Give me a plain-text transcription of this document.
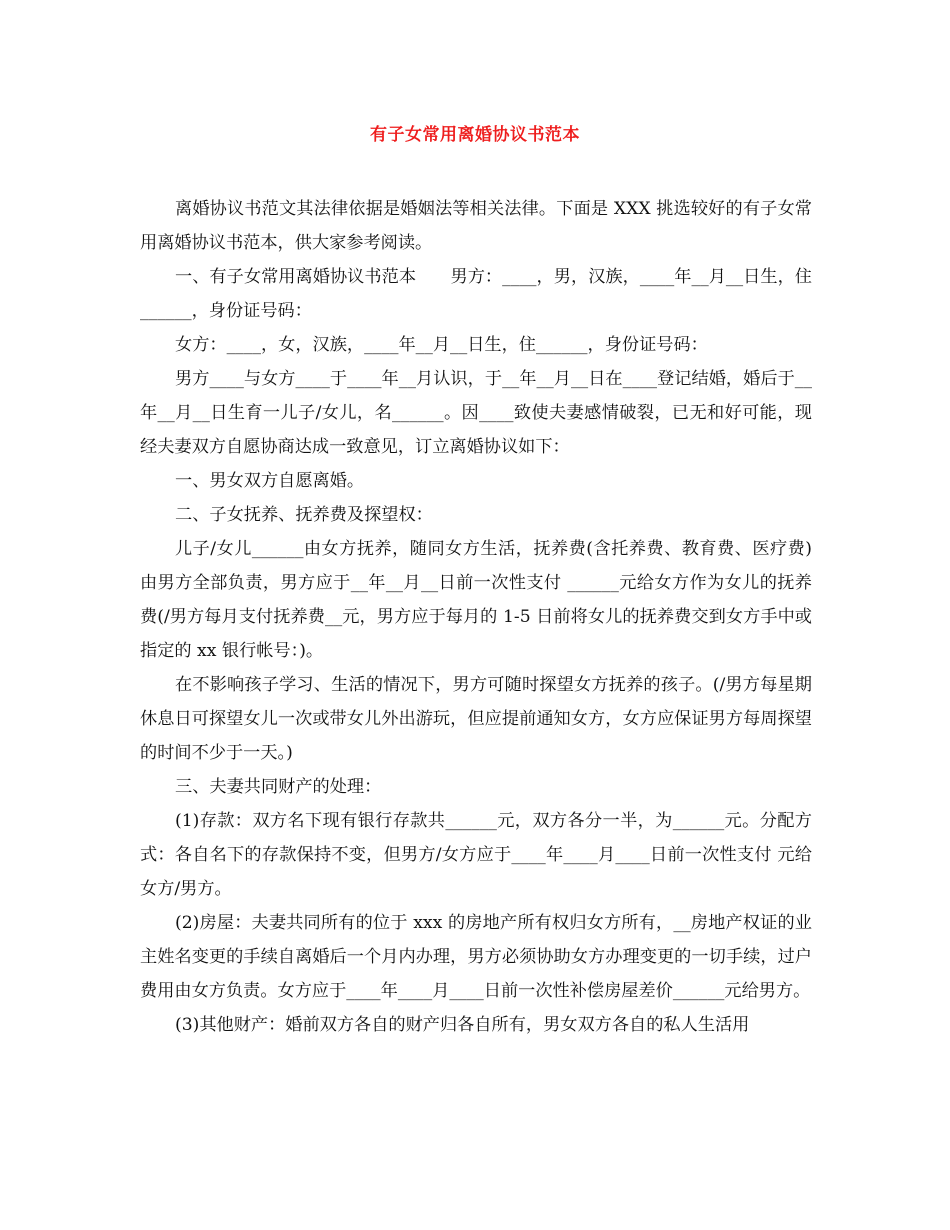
有子女常用离婚协议书范本

离婚协议书范文其法律依据是婚姻法等相关法律。下面是 XXX 挑选较好的有子女常用离婚协议书范本，供大家参考阅读。

一、有子女常用离婚协议书范本　　男方：____，男，汉族，____年__月__日生，住______，身份证号码：

女方：____，女，汉族，____年__月__日生，住______，身份证号码：

男方____与女方____于____年__月认识，于__年__月__日在____登记结婚，婚后于__年__月__日生育一儿子/女儿，名______。因____致使夫妻感情破裂，已无和好可能，现经夫妻双方自愿协商达成一致意见，订立离婚协议如下：

一、男女双方自愿离婚。

二、子女抚养、抚养费及探望权：

儿子/女儿______由女方抚养，随同女方生活，抚养费(含托养费、教育费、医疗费)由男方全部负责，男方应于__年__月__日前一次性支付 ______元给女方作为女儿的抚养费(/男方每月支付抚养费__元，男方应于每月的 1-5 日前将女儿的抚养费交到女方手中或指定的 xx 银行帐号：)。

在不影响孩子学习、生活的情况下，男方可随时探望女方抚养的孩子。(/男方每星期休息日可探望女儿一次或带女儿外出游玩，但应提前通知女方，女方应保证男方每周探望的时间不少于一天。)

三、夫妻共同财产的处理：

(1)存款：双方名下现有银行存款共______元，双方各分一半，为______元。分配方式：各自名下的存款保持不变，但男方/女方应于____年____月____日前一次性支付 元给女方/男方。

(2)房屋：夫妻共同所有的位于 xxx 的房地产所有权归女方所有，__房地产权证的业主姓名变更的手续自离婚后一个月内办理，男方必须协助女方办理变更的一切手续，过户费用由女方负责。女方应于____年____月____日前一次性补偿房屋差价______元给男方。

(3)其他财产：婚前双方各自的财产归各自所有，男女双方各自的私人生活用
